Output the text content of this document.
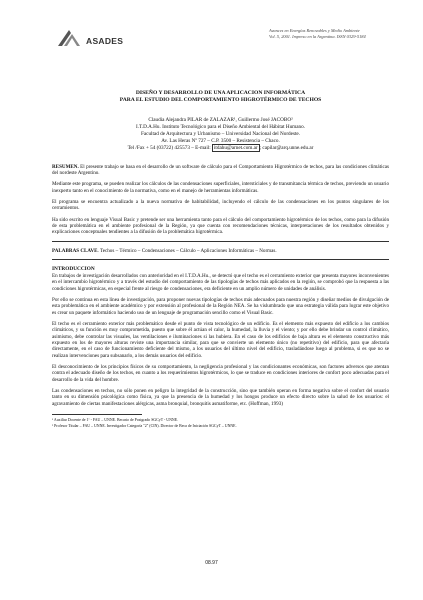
ASADES
Avances en Energías Renovables y Medio Ambiente
Vol. 5, 2001. Impreso en la Argentina. ISSN 0329-5184
DISEÑO Y DESARROLLO DE UNA APLICACION INFORMÁTICA
PARA EL ESTUDIO DEL COMPORTAMIENTO HIGROTÉRMICO DE TECHOS
Claudia Alejandra PILAR de ZALAZAR¹, Guillermo José JACOBO²
I.T.D.A.Hu. Instituto Tecnológico para el Diseño Ambiental del Hábitat Humano.
Facultad de Arquitectura y Urbanismo – Universidad Nacional del Nordeste.
Av. Las Heras Nº 727 – C.P. 3500 – Resistencia – Chaco.
Tel /Fax + 54 (03722) 425573 – E-mail: itdahu@arnet.com.ar ; capilar@arq.unne.edu.ar

RESUMEN. El presente trabajo se basa en el desarrollo de un software de cálculo para el Comportamiento Higrotérmico de techos, para las condiciones climáticas del nordeste Argentino.

Mediante este programa, se pueden realizar los cálculos de las condensaciones superficiales, intersticiales y de transmitancia térmica de techos, previendo un usuario inexperto tanto en el conocimiento de la normativa, como en el manejo de herramientas informáticas.

El programa se encuentra actualizado a la nueva normativa de habitabilidad, incluyendo el cálculo de las condensaciones en los puntos singulares de los cerramientos.

Ha sido escrito en lenguaje Visual Basic y pretende ser una herramienta tanto para el cálculo del comportamiento higrotérmico de los techos, como para la difusión de esta problemática en el ambiente profesional de la Región, ya que cuenta con recomendaciones técnicas, interpretaciones de los resultados obtenidos y explicaciones conceptuales tendientes a la difusión de la problemática higrotérmica.

PALABRAS CLAVE. Techos – Térmico – Condensaciones – Cálculo – Aplicaciones Informáticas – Normas.

INTRODUCCION

En trabajos de investigación desarrollados con anterioridad en el I.T.D.A.Hu., se detectó que el techo es el cerramiento exterior que presenta mayores inconvenientes en el intercambio higrotérmico y a través del estudio del comportamiento de las tipologías de techos más aplicados en la región, se comprobó que la respuesta a las condiciones higrotérmicas, en especial frente al riesgo de condensaciones, era deficiente en un amplio número de unidades de análisis.

Por ello se continua en esta línea de investigación, para proponer nuevas tipologías de techos más adecuados para nuestra región y diseñar medios de divulgación de esta problemática en el ambiente académico y por extensión al profesional de la Región NEA. Se ha vislumbrado que una estrategia válida para lograr este objetivo es crear un paquete informático haciendo uso de un lenguaje de programación sencillo como el Visual Basic.

El techo es el cerramiento exterior más problemático desde el punto de vista tecnológico de un edificio. Es el elemento más expuesto del edificio a los cambios climáticos, y su función es muy comprometida, puesto que sobre él actúan el calor, la humedad, la lluvia y el viento; y por ello debe brindar un control climático, asimismo, debe controlar las visuales, las ventilaciones e iluminaciones si las hubiera. En el caso de los edificios de baja altura es el elemento constructivo más expuesto en los de mayores alturas reviste una importancia similar, para que se convierte un elemento único (no repetitivo) del edificio, para que afectaría directamente, en el caso de funcionamiento deficiente del mismo, a los usuarios del último nivel del edificio, trasladándose luego al problema, si es que no se realizan intervenciones para subsanarlo, a los demás usuarios del edificio.

El desconocimiento de los principios físicos de su comportamiento, la negligencia profesional y las condicionantes económicas, son factores adversos que atentan contra el adecuado diseño de los techos, en cuanto a los requerimientos higrotérmicos, lo que se traduce en condiciones interiores de confort poco adecuadas para el desarrollo de la vida del hombre.

Las condensaciones en techos, no sólo ponen en peligro la integridad de la construcción, sino que también operan en forma negativa sobre el confort del usuario tanto en su dimensión psicológica como física, ya que la presencia de la humedad y los hongos produce un efecto directo sobre la salud de los usuarios: el agravamiento de ciertas manifestaciones alérgicas, asma bronquial, bronquitis asmatiforme, etc. (Hoffman, 1993)

¹ Auxiliar Docente de 1º - FAU – UNNE. Becario de Postgrado SGCyT - UNNE.

² Profesor Titular – FAU – UNNE. Investigador Categoría "2" (CIN). Director de Beca de Iniciación SGCyT – UNNE.

08.97
